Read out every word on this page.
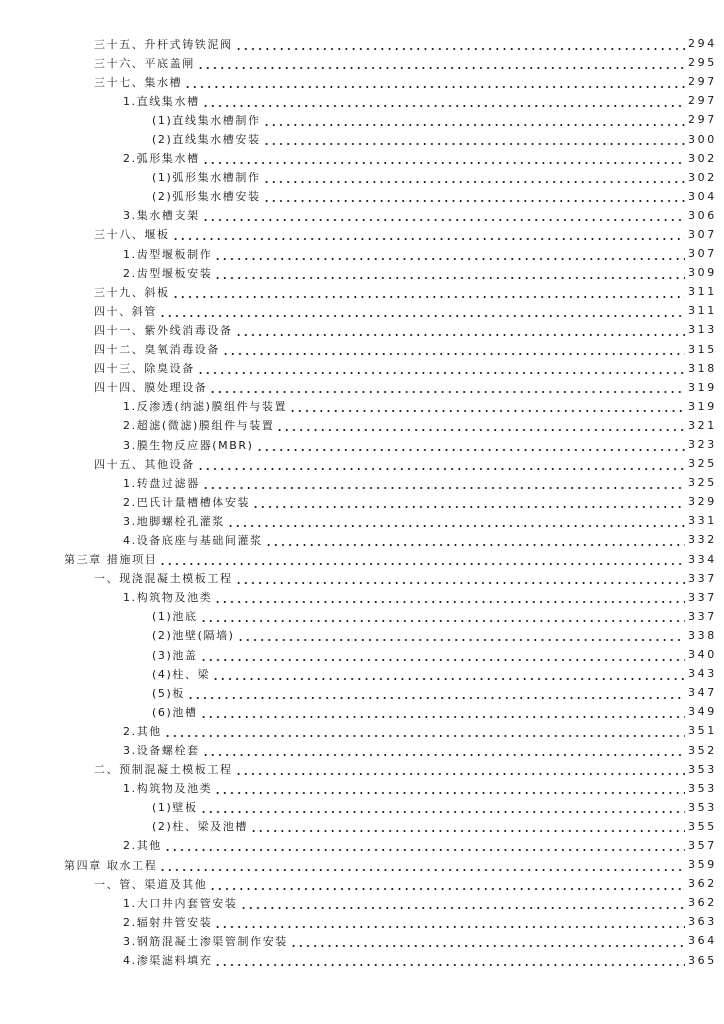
三十五、升杆式铸铁泥阀	294
三十六、平底盖闸	295
三十七、集水槽	297
1.直线集水槽	297
(1)直线集水槽制作	297
(2)直线集水槽安装	300
2.弧形集水槽	302
(1)弧形集水槽制作	302
(2)弧形集水槽安装	304
3.集水槽支架	306
三十八、堰板	307
1.齿型堰板制作	307
2.齿型堰板安装	309
三十九、斜板	311
四十、斜管	311
四十一、紫外线消毒设备	313
四十二、臭氧消毒设备	315
四十三、除臭设备	318
四十四、膜处理设备	319
1.反渗透(纳滤)膜组件与装置	319
2.超滤(微滤)膜组件与装置	321
3.膜生物反应器(MBR)	323
四十五、其他设备	325
1.转盘过滤器	325
2.巴氏计量槽槽体安装	329
3.地脚螺栓孔灌浆	331
4.设备底座与基础间灌浆	332
第三章 措施项目	334
一、现浇混凝土模板工程	337
1.构筑物及池类	337
(1)池底	337
(2)池壁(隔墙)	338
(3)池盖	340
(4)柱、梁	343
(5)板	347
(6)池槽	349
2.其他	351
3.设备螺栓套	352
二、预制混凝土模板工程	353
1.构筑物及池类	353
(1)壁板	353
(2)柱、梁及池槽	355
2.其他	357
第四章 取水工程	359
一、管、渠道及其他	362
1.大口井内套管安装	362
2.辐射井管安装	363
3.钢筋混凝土渗渠管制作安装	364
4.渗渠滤料填充	365
